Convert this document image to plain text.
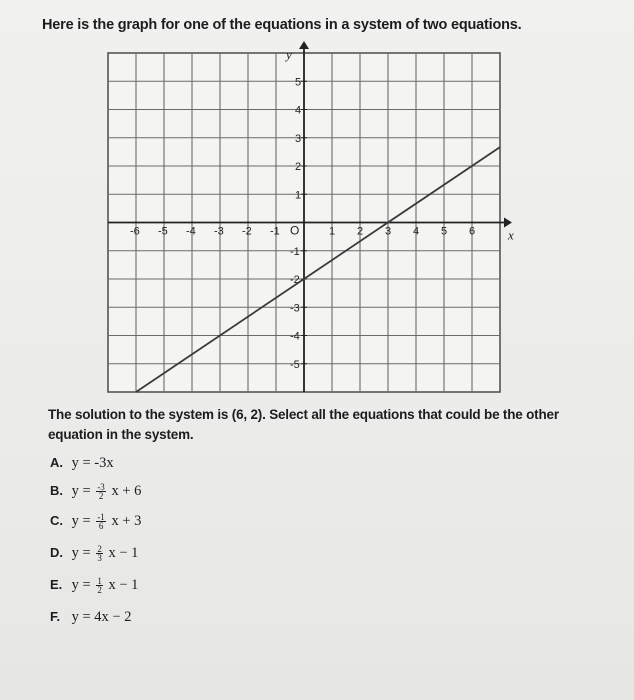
Here is the graph for one of the equations in a system of two equations.
x
y
-6 -5 -4 -3 -2 -1	1 2 3 4 5 6
O
-5
-4
-3
-2
-1
1
2
3
4
5
The solution to the system is (6, 2). Select all the equations that could be the other equation in the system.
A. y = -3x
B. $y = \frac{-3}{2}$ x + 6
C. $y = \frac{-1}{6}$ x + 3
D. $y = \frac{2}{3}$ x − 1
E. $y = \frac{1}{2}$ x − 1
F. y = 4x − 2
